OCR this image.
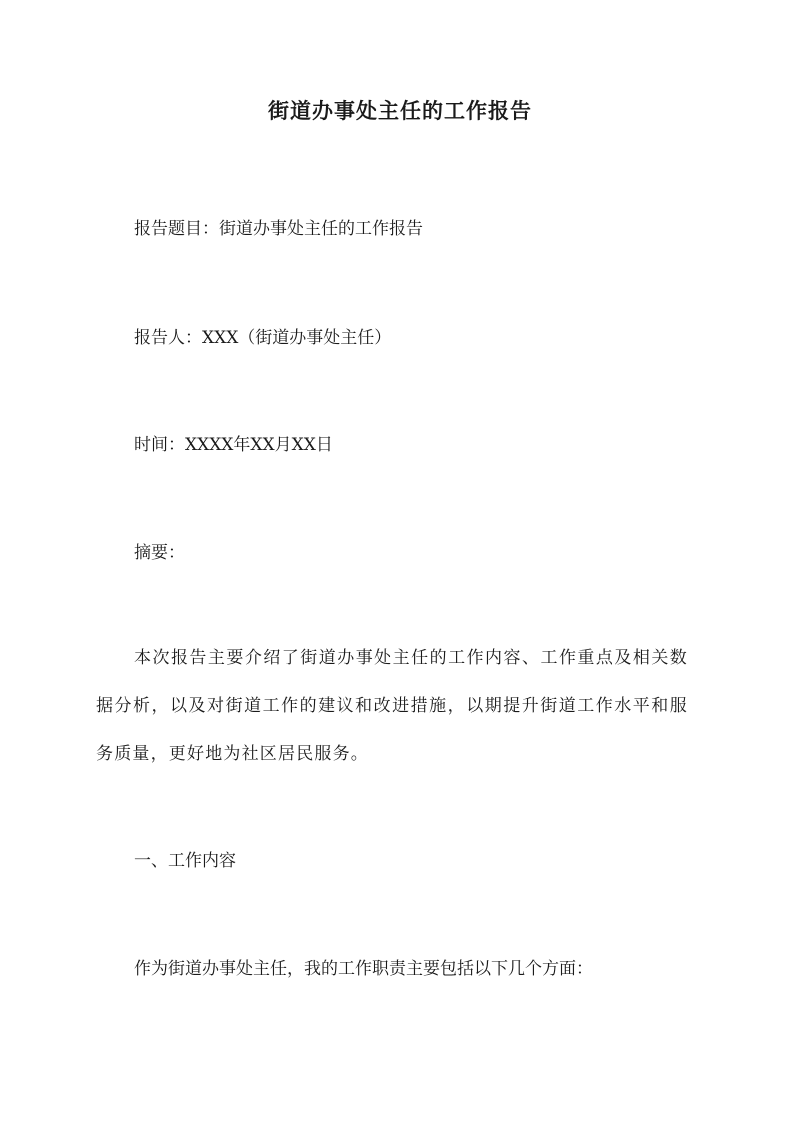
街道办事处主任的工作报告

报告题目：街道办事处主任的工作报告

报告人：XXX（街道办事处主任）

时间：XXXX年XX月XX日

摘要：

本次报告主要介绍了街道办事处主任的工作内容、工作重点及相关数据分析，以及对街道工作的建议和改进措施，以期提升街道工作水平和服务质量，更好地为社区居民服务。

一、工作内容

作为街道办事处主任，我的工作职责主要包括以下几个方面：
